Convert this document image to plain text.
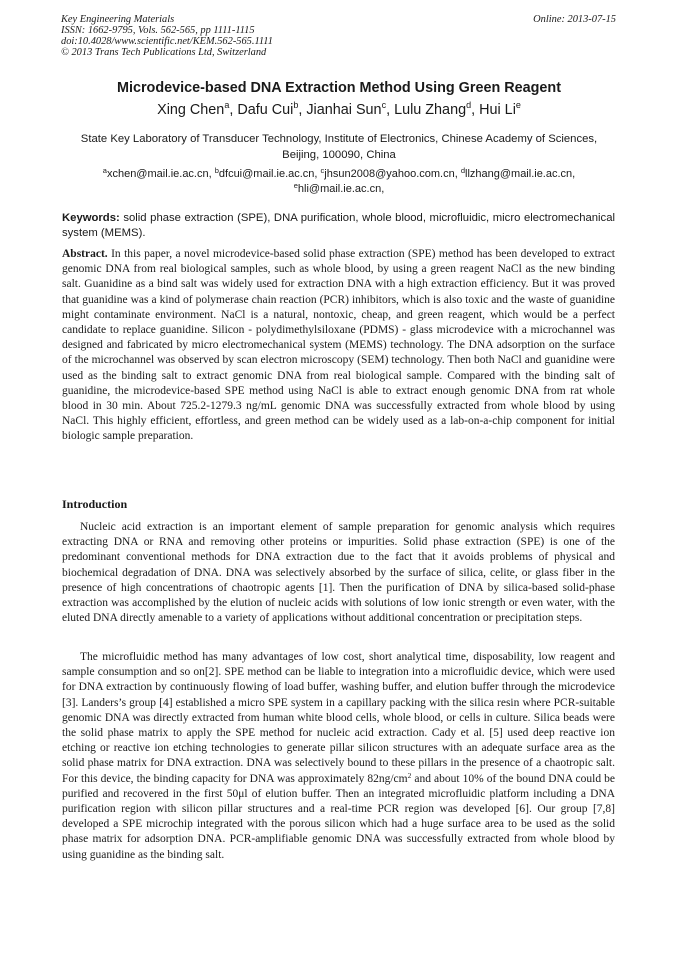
Key Engineering Materials
ISSN: 1662-9795, Vols. 562-565, pp 1111-1115
doi:10.4028/www.scientific.net/KEM.562-565.1111
© 2013 Trans Tech Publications Ltd, Switzerland
Online: 2013-07-15
Microdevice-based DNA Extraction Method Using Green Reagent
Xing Chen$^a$, Dafu Cui$^b$, Jianhai Sun$^c$, Lulu Zhang$^d$, Hui Li$^e$
State Key Laboratory of Transducer Technology, Institute of Electronics, Chinese Academy of Sciences, Beijing, 100090, China
$^a$xchen@mail.ie.ac.cn, $^b$dfcui@mail.ie.ac.cn, $^c$jhsun2008@yahoo.com.cn, $^d$llzhang@mail.ie.ac.cn, $^e$hli@mail.ie.ac.cn,
Keywords: solid phase extraction (SPE), DNA purification, whole blood, microfluidic, micro electromechanical system (MEMS).
Abstract. In this paper, a novel microdevice-based solid phase extraction (SPE) method has been developed to extract genomic DNA from real biological samples, such as whole blood, by using a green reagent NaCl as the new binding salt. Guanidine as a bind salt was widely used for extraction DNA with a high extraction efficiency. But it was proved that guanidine was a kind of polymerase chain reaction (PCR) inhibitors, which is also toxic and the waste of guanidine might contaminate environment. NaCl is a natural, nontoxic, cheap, and green reagent, which would be a perfect candidate to replace guanidine. Silicon - polydimethylsiloxane (PDMS) - glass microdevice with a microchannel was designed and fabricated by micro electromechanical system (MEMS) technology. The DNA adsorption on the surface of the microchannel was observed by scan electron microscopy (SEM) technology. Then both NaCl and guanidine were used as the binding salt to extract genomic DNA from real biological sample. Compared with the binding salt of guanidine, the microdevice-based SPE method using NaCl is able to extract enough genomic DNA from rat whole blood in 30 min. About 725.2-1279.3 ng/mL genomic DNA was successfully extracted from whole blood by using NaCl. This highly efficient, effortless, and green method can be widely used as a lab-on-a-chip component for initial biologic sample preparation.
Introduction

Nucleic acid extraction is an important element of sample preparation for genomic analysis which requires extracting DNA or RNA and removing other proteins or impurities. Solid phase extraction (SPE) is one of the predominant conventional methods for DNA extraction due to the fact that it avoids problems of physical and biochemical degradation of DNA. DNA was selectively absorbed by the surface of silica, celite, or glass fiber in the presence of high concentrations of chaotropic agents [1]. Then the purification of DNA by silica-based solid-phase extraction was accomplished by the elution of nucleic acids with solutions of low ionic strength or even water, with the eluted DNA directly amenable to a variety of applications without additional concentration or precipitation steps.

The microfluidic method has many advantages of low cost, short analytical time, disposability, low reagent and sample consumption and so on[2]. SPE method can be liable to integration into a microfluidic device, which were used for DNA extraction by continuously flowing of load buffer, washing buffer, and elution buffer through the microdevice [3]. Landers’s group [4] established a micro SPE system in a capillary packing with the silica resin where PCR-suitable genomic DNA was directly extracted from human white blood cells, whole blood, or cells in culture. Silica beads were the solid phase matrix to apply the SPE method for nucleic acid extraction. Cady et al. [5] used deep reactive ion etching or reactive ion etching technologies to generate pillar silicon structures with an adequate surface area as the solid phase matrix for DNA extraction. DNA was selectively bound to these pillars in the presence of a chaotropic salt. For this device, the binding capacity for DNA was approximately $82ng/cm^2$ and about 10% of the bound DNA could be purified and recovered in the first 50μl of elution buffer. Then an integrated microfluidic platform including a DNA purification region with silicon pillar structures and a real-time PCR region was developed [6]. Our group [7,8] developed a SPE microchip integrated with the porous silicon which had a huge surface area to be used as the solid phase matrix for adsorption DNA. PCR-amplifiable genomic DNA was successfully extracted from whole blood by using guanidine as the binding salt.
